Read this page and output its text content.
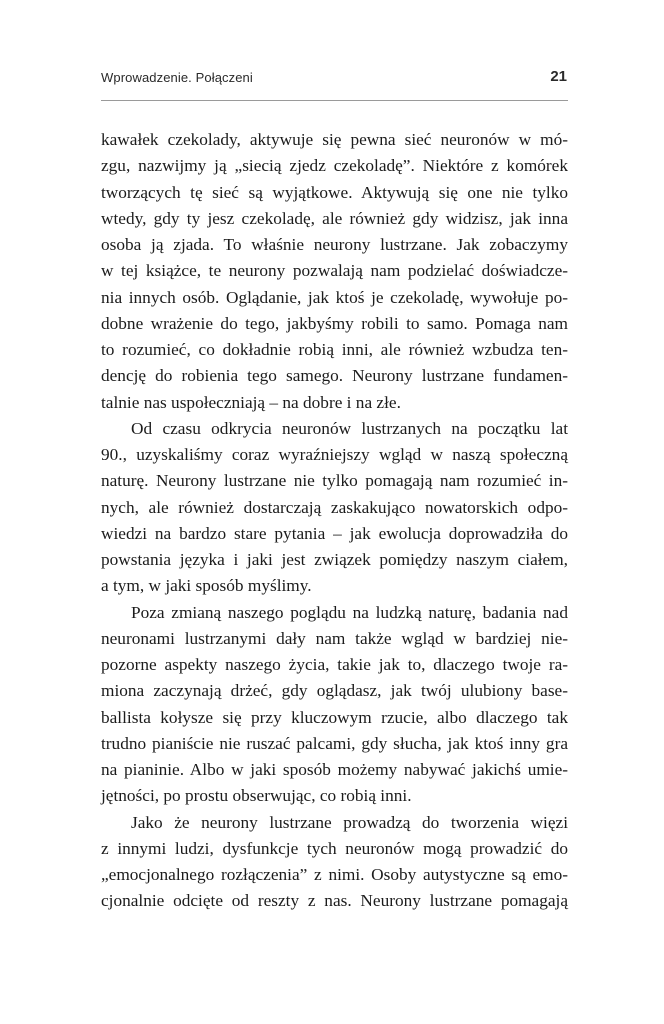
Wprowadzenie. Połączeni	21
kawałek czekolady, aktywuje się pewna sieć neuronów w mó-
zgu, nazwijmy ją „siecią zjedz czekoladę”. Niektóre z komórek
tworzących tę sieć są wyjątkowe. Aktywują się one nie tylko
wtedy, gdy ty jesz czekoladę, ale również gdy widzisz, jak inna
osoba ją zjada. To właśnie neurony lustrzane. Jak zobaczymy
w tej książce, te neurony pozwalają nam podzielać doświadcze-
nia innych osób. Oglądanie, jak ktoś je czekoladę, wywołuje po-
dobne wrażenie do tego, jakbyśmy robili to samo. Pomaga nam
to rozumieć, co dokładnie robią inni, ale również wzbudza ten-
dencję do robienia tego samego. Neurony lustrzane fundamen-
talnie nas uspołeczniają – na dobre i na złe.
Od czasu odkrycia neuronów lustrzanych na początku lat
90., uzyskaliśmy coraz wyraźniejszy wgląd w naszą społeczną
naturę. Neurony lustrzane nie tylko pomagają nam rozumieć in-
nych, ale również dostarczają zaskakująco nowatorskich odpo-
wiedzi na bardzo stare pytania – jak ewolucja doprowadziła do
powstania języka i jaki jest związek pomiędzy naszym ciałem,
a tym, w jaki sposób myślimy.
Poza zmianą naszego poglądu na ludzką naturę, badania nad
neuronami lustrzanymi dały nam także wgląd w bardziej nie-
pozorne aspekty naszego życia, takie jak to, dlaczego twoje ra-
miona zaczynają drżeć, gdy oglądasz, jak twój ulubiony base-
ballista kołysze się przy kluczowym rzucie, albo dlaczego tak
trudno pianiście nie ruszać palcami, gdy słucha, jak ktoś inny gra
na pianinie. Albo w jaki sposób możemy nabywać jakichś umie-
jętności, po prostu obserwując, co robią inni.
Jako że neurony lustrzane prowadzą do tworzenia więzi
z innymi ludzi, dysfunkcje tych neuronów mogą prowadzić do
„emocjonalnego rozłączenia” z nimi. Osoby autystyczne są emo-
cjonalnie odcięte od reszty z nas. Neurony lustrzane pomagają
